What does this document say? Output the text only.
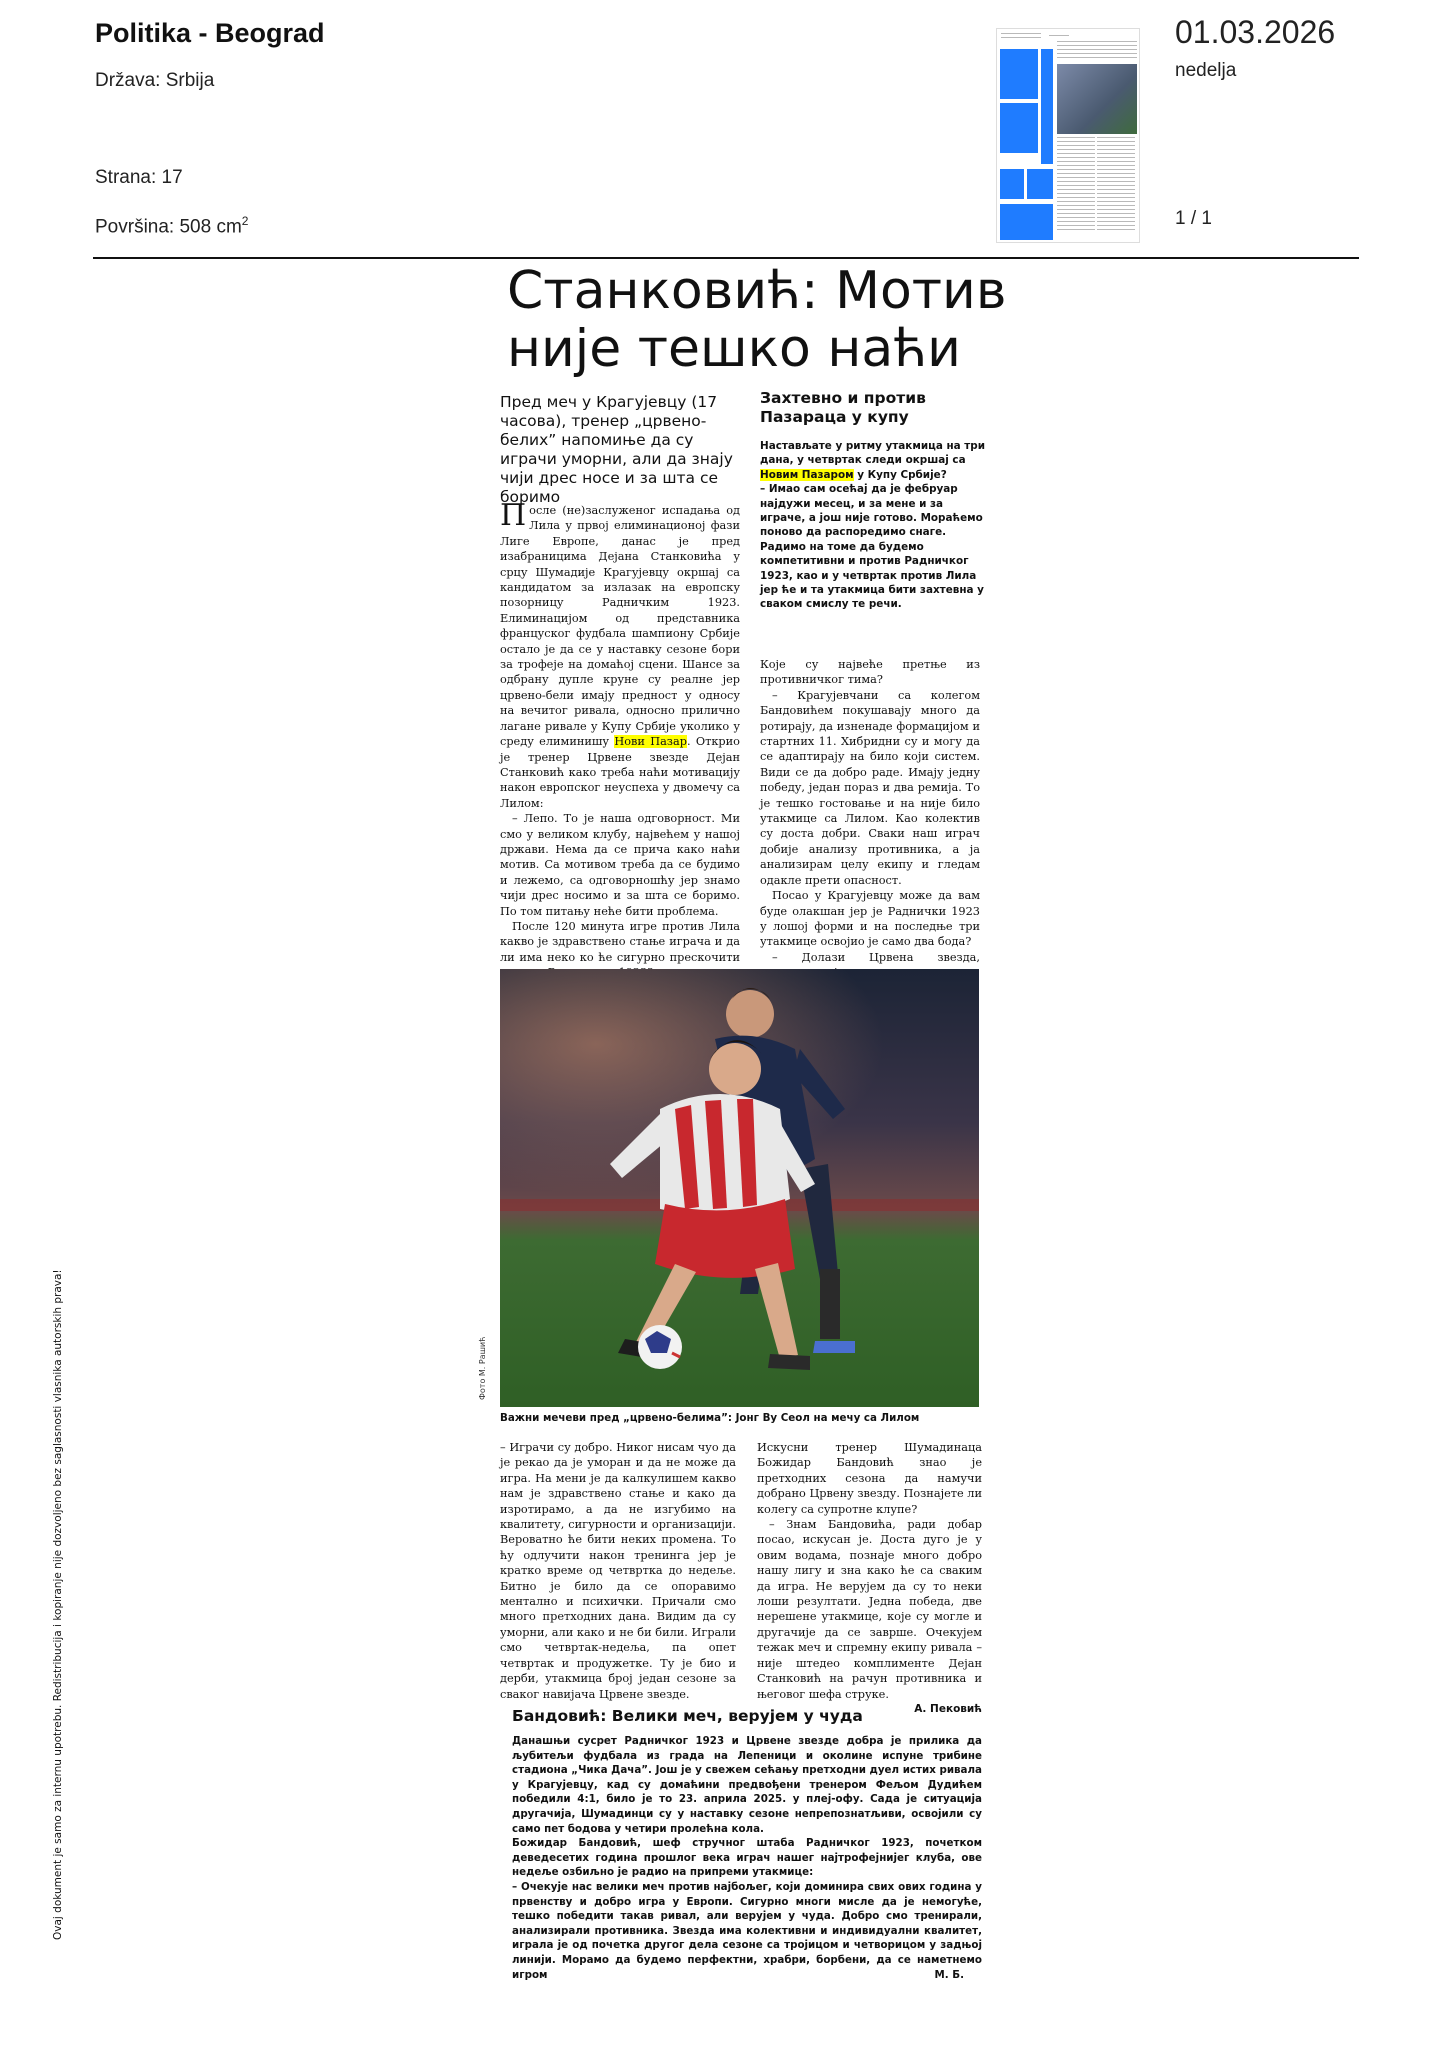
Politika - Beograd
Država: Srbija
Strana: 17
Površina: 508 $cm^2$
01.03.2026
nedelja
1 / 1
Станковић: Мотив није тешко наћи
Пред меч у Крагујевцу (17 часова), тренер „црвено-белих” напомиње да су играчи уморни, али да знају чији дрес носе и за шта се боримо

После (не)заслуженог испадања од Лила у првој елиминационој фази Лиге Европе, данас је пред изабраницима Дејана Станковића у срцу Шумадије Крагујевцу окршај са кандидатом за излазак на европску позорницу Радничким 1923. Елиминацијом од представника француског фудбала шампиону Србије остало је да се у наставку сезоне бори за трофеје на домаћој сцени. Шансе за одбрану дупле круне су реалне јер црвено-бели имају предност у односу на вечитог ривала, односно прилично лагане ривале у Купу Србије уколико у среду елиминишу Нови Пазар. Открио је тренер Црвене звезде Дејан Станковић како треба наћи мотивацију након европског неуспеха у двомечу са Лилом:

– Лепо. То је наша одговорност. Ми смо у великом клубу, највећем у нашој држави. Нема да се прича како наћи мотив. Са мотивом треба да се будимо и лежемо, са одговорношћу јер знамо чији дрес носимо и за шта се боримо. По том питању неће бити проблема.

После 120 минута игре против Лила какво је здравствено стање играча и да ли има неко ко ће сигурно прескочити

Захтевно и против Пазараца у купу

Настављате у ритму утакмица на три дана, у четвртак следи окршај са Новим Пазаром у Купу Србије?

– Имао сам осећај да је фебруар најдужи месец, и за мене и за играче, а још није готово. Морaћемо поново да распоредимо снаге. Радимо на томе да будемо компетитивни и против Радничког 1923, као и у четвртак против Лила јер ће и та утакмица бити захтевна у сваком смислу те речи.

Које су највеће претње из противничког тима?

– Крагујевчани са колегом Бандовићем покушавају много да ротирају, да изненаде формацијом и стартних 11. Хибридни су и могу да се адаптирају на било који систем. Види се да добро раде. Имају једну победу, један пораз и два ремија. То је тешко гостовање и на није било утакмице са Лилом. Као колектив су доста добри. Сваки наш играч добије анализу противника, а ја анализирам целу екипу и гледам одакле прети опасност.

Посао у Крагујевцу може да вам буде олакшан јер је Раднички 1923 у лошој форми и на последње три утакмице освојио је само два бода?

– Долази Црвена звезда,

Фото М. Рашић
Важни мечеви пред „црвено-белима”: Јонг Ву Сеол на мечу са Лилом

– Играчи су добро. Никог нисам чуо да је рекао да је уморан и да не може да игра. На мени је да калкулишем какво нам је здравствено стање и како да изротирамо, а да не изгубимо на квалитету, сигурности и организацији. Вероватно ће бити неких промена. То ћу одлучити након тренинга јер је кратко време од четвртка до недеље. Битно је било да се опоравимо ментално и психички. Причали смо много претходних дана. Видим да су уморни, али како и не би били. Играли смо четвртак-недеља, па опет четвртак и продужетке. Ту је био и дерби, утакмица број један сезоне за сваког навијача Црвене звезде.

Искусни тренер Шумадинаца Божидар Бандовић знао је претходних сезона да намучи добрано Црвену звезду. Познајете ли колегу са супротне клупе?

– Знам Бандовића, ради добар посао, искусан је. Доста дуго је у овим водама, познаје много добро нашу лигу и зна како ће са сваким да игра. Не верујем да су то неки лоши резултати. Једна победа, две нерешене утакмице, које су могле и другачије да се заврше. Очекујем тежак меч и спремну екипу ривала – није штедео комплименте Дејан Станковић на рачун противника и његовог шефа струке.

А. Пековић
Бандовић: Велики меч, верујем у чуда

Данашњи сусрет Радничког 1923 и Црвене звезде добра је прилика да љубитељи фудбала из града на Лепеници и околине испуне трибине стадиона „Чика Дача”. Још је у свежем сећању претходни дуел истих ривала у Крагујевцу, кад су домаћини предвођени тренером Фељом Дудићем победили 4:1, било је то 23. априла 2025. у плеј-офу. Сада је ситуација другачија, Шумадинци су у наставку сезоне непрепознатљиви, освојили су само пет бодова у четири пролећна кола.

Божидар Бандовић, шеф стручног штаба Радничког 1923, почетком деведесетих година прошлог века играч нашег најтрофејнијег клуба, ове недеље озбиљно је радио на припреми утакмице:

– Очекује нас велики меч против најбољег, који доминира свих ових година у првенству и добро игра у Европи. Сигурно многи мисле да је немогуће, тешко победити такав ривал, али верујем у чуда. Добро смо тренирали, анализирали противника. Звезда има колективни и индивидуални квалитет, играла је од почетка другог дела сезоне са тројицом и четворицом у задњој линији. Морамо да будемо перфектни, храбри, борбени, да се наметнемо игром	М. Б.

Ovaj dokument je samo za internu upotrebu. Redistribucija i kopiranje nije dozvoljeno bez saglasnosti vlasnika autorskih prava!
